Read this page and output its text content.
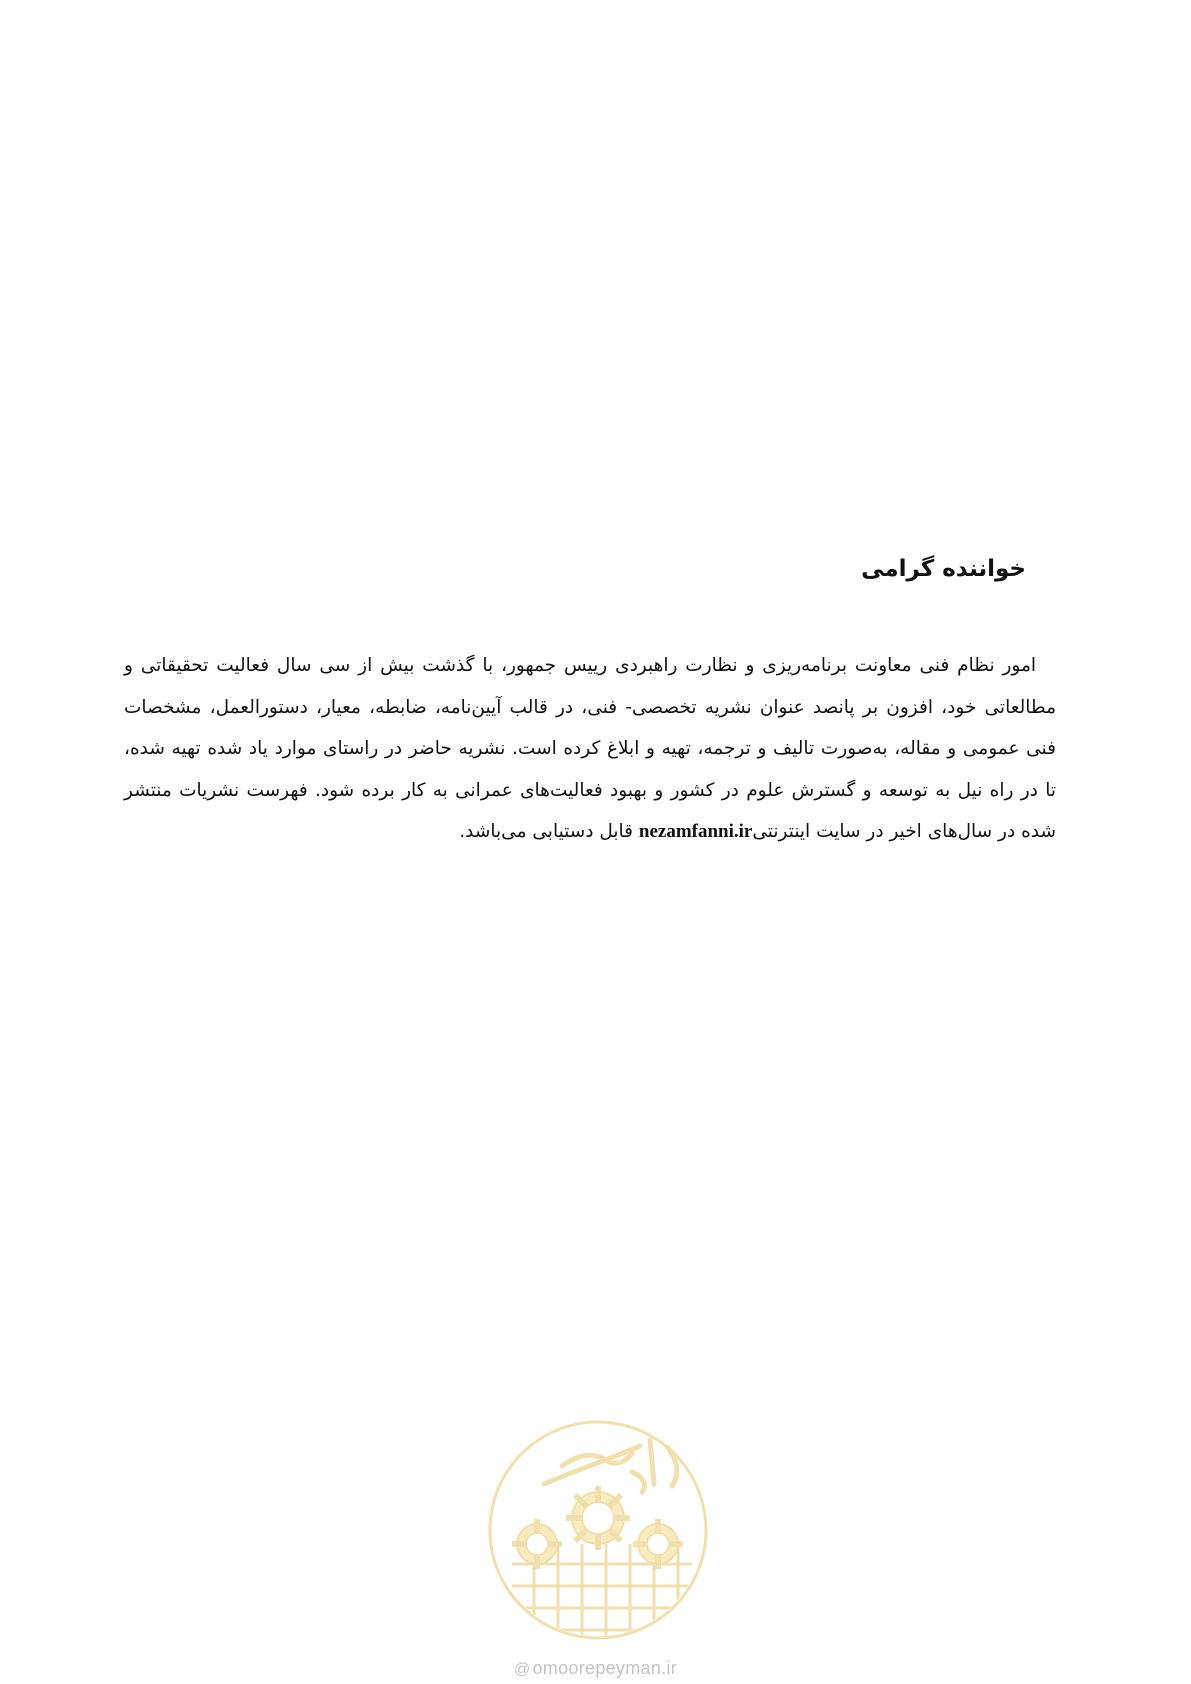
خواننده گرامی

امور نظام فنی معاونت برنامه‌ریزی و نظارت راهبردی رییس جمهور، با گذشت بیش از سی سال فعالیت تحقیقاتی و مطالعاتی خود، افزون بر پانصد عنوان نشریه تخصصی- فنی، در قالب آیین‌نامه، ضابطه، معیار، دستورالعمل، مشخصات فنی عمومی و مقاله، به‌صورت تالیف و ترجمه، تهیه و ابلاغ کرده است. نشریه حاضر در راستای موارد یاد شده تهیه شده، تا در راه نیل به توسعه و گسترش علوم در کشور و بهبود فعالیت‌های عمرانی به کار برده شود. فهرست نشریات منتشر شده در سال‌های اخیر در سایت اینترنتیnezamfanni.ir قابل دستیابی می‌باشد.

@ omoorepeyman.ir
